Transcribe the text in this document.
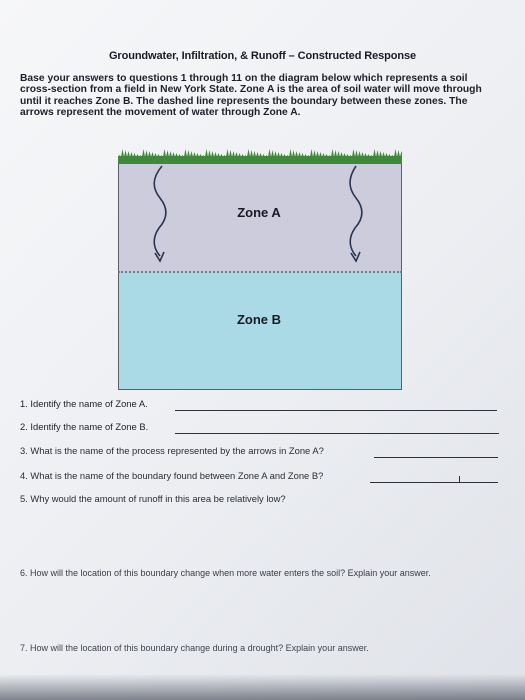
Groundwater, Infiltration, & Runoff – Constructed Response
Base your answers to questions 1 through 11 on the diagram below which represents a soil cross-section from a field in New York State. Zone A is the area of soil water will move through until it reaches Zone B. The dashed line represents the boundary between these zones. The arrows represent the movement of water through Zone A.
Zone A
Zone B
1. Identify the name of Zone A.
2. Identify the name of Zone B.
3. What is the name of the process represented by the arrows in Zone A?
4. What is the name of the boundary found between Zone A and Zone B?
5. Why would the amount of runoff in this area be relatively low?
6. How will the location of this boundary change when more water enters the soil? Explain your answer.
7. How will the location of this boundary change during a drought? Explain your answer.
